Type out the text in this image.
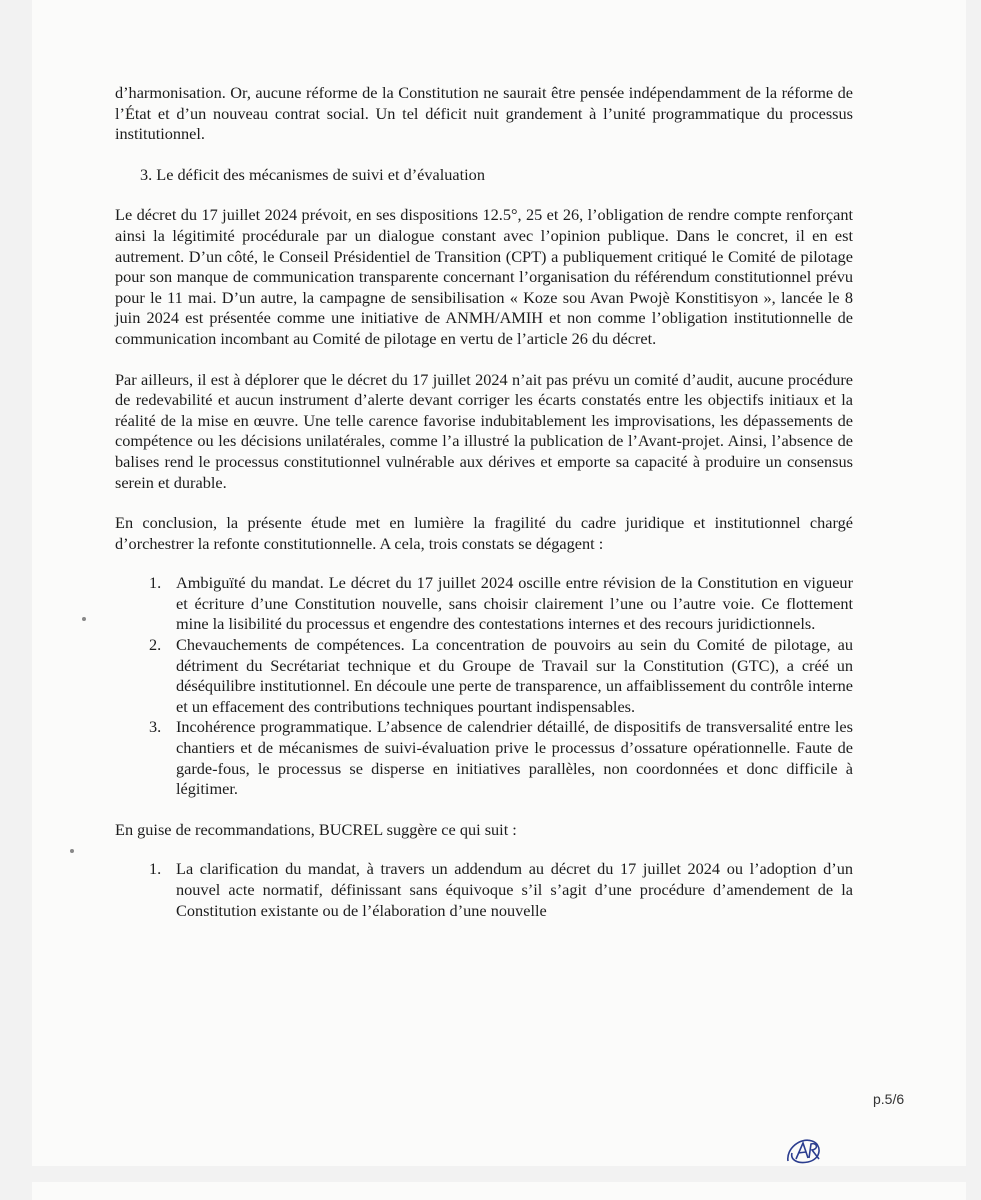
d’harmonisation. Or, aucune réforme de la Constitution ne saurait être pensée indépendamment de la réforme de l’État et d’un nouveau contrat social. Un tel déficit nuit grandement à l’unité programmatique du processus institutionnel.

3. Le déficit des mécanismes de suivi et d’évaluation

Le décret du 17 juillet 2024 prévoit, en ses dispositions 12.5°, 25 et 26, l’obligation de rendre compte renforçant ainsi la légitimité procédurale par un dialogue constant avec l’opinion publique. Dans le concret, il en est autrement. D’un côté, le Conseil Présidentiel de Transition (CPT) a publiquement critiqué le Comité de pilotage pour son manque de communication transparente concernant l’organisation du référendum constitutionnel prévu pour le 11 mai. D’un autre, la campagne de sensibilisation « Koze sou Avan Pwojè Konstitisyon », lancée le 8 juin 2024 est présentée comme une initiative de ANMH/AMIH et non comme l’obligation institutionnelle de communication incombant au Comité de pilotage en vertu de l’article 26 du décret.

Par ailleurs, il est à déplorer que le décret du 17 juillet 2024 n’ait pas prévu un comité d’audit, aucune procédure de redevabilité et aucun instrument d’alerte devant corriger les écarts constatés entre les objectifs initiaux et la réalité de la mise en œuvre. Une telle carence favorise indubitablement les improvisations, les dépassements de compétence ou les décisions unilatérales, comme l’a illustré la publication de l’Avant-projet. Ainsi, l’absence de balises rend le processus constitutionnel vulnérable aux dérives et emporte sa capacité à produire un consensus serein et durable.

En conclusion, la présente étude met en lumière la fragilité du cadre juridique et institutionnel chargé d’orchestrer la refonte constitutionnelle. A cela, trois constats se dégagent :

1. Ambiguïté du mandat. Le décret du 17 juillet 2024 oscille entre révision de la Constitution en vigueur et écriture d’une Constitution nouvelle, sans choisir clairement l’une ou l’autre voie. Ce flottement mine la lisibilité du processus et engendre des contestations internes et des recours juridictionnels.
2. Chevauchements de compétences. La concentration de pouvoirs au sein du Comité de pilotage, au détriment du Secrétariat technique et du Groupe de Travail sur la Constitution (GTC), a créé un déséquilibre institutionnel. En découle une perte de transparence, un affaiblissement du contrôle interne et un effacement des contributions techniques pourtant indispensables.
3. Incohérence programmatique. L’absence de calendrier détaillé, de dispositifs de transversalité entre les chantiers et de mécanismes de suivi-évaluation prive le processus d’ossature opérationnelle. Faute de garde-fous, le processus se disperse en initiatives parallèles, non coordonnées et donc difficile à légitimer.

En guise de recommandations, BUCREL suggère ce qui suit :

1. La clarification du mandat, à travers un addendum au décret du 17 juillet 2024 ou l’adoption d’un nouvel acte normatif, définissant sans équivoque s’il s’agit d’une procédure d’amendement de la Constitution existante ou de l’élaboration d’une nouvelle
p.5/6
